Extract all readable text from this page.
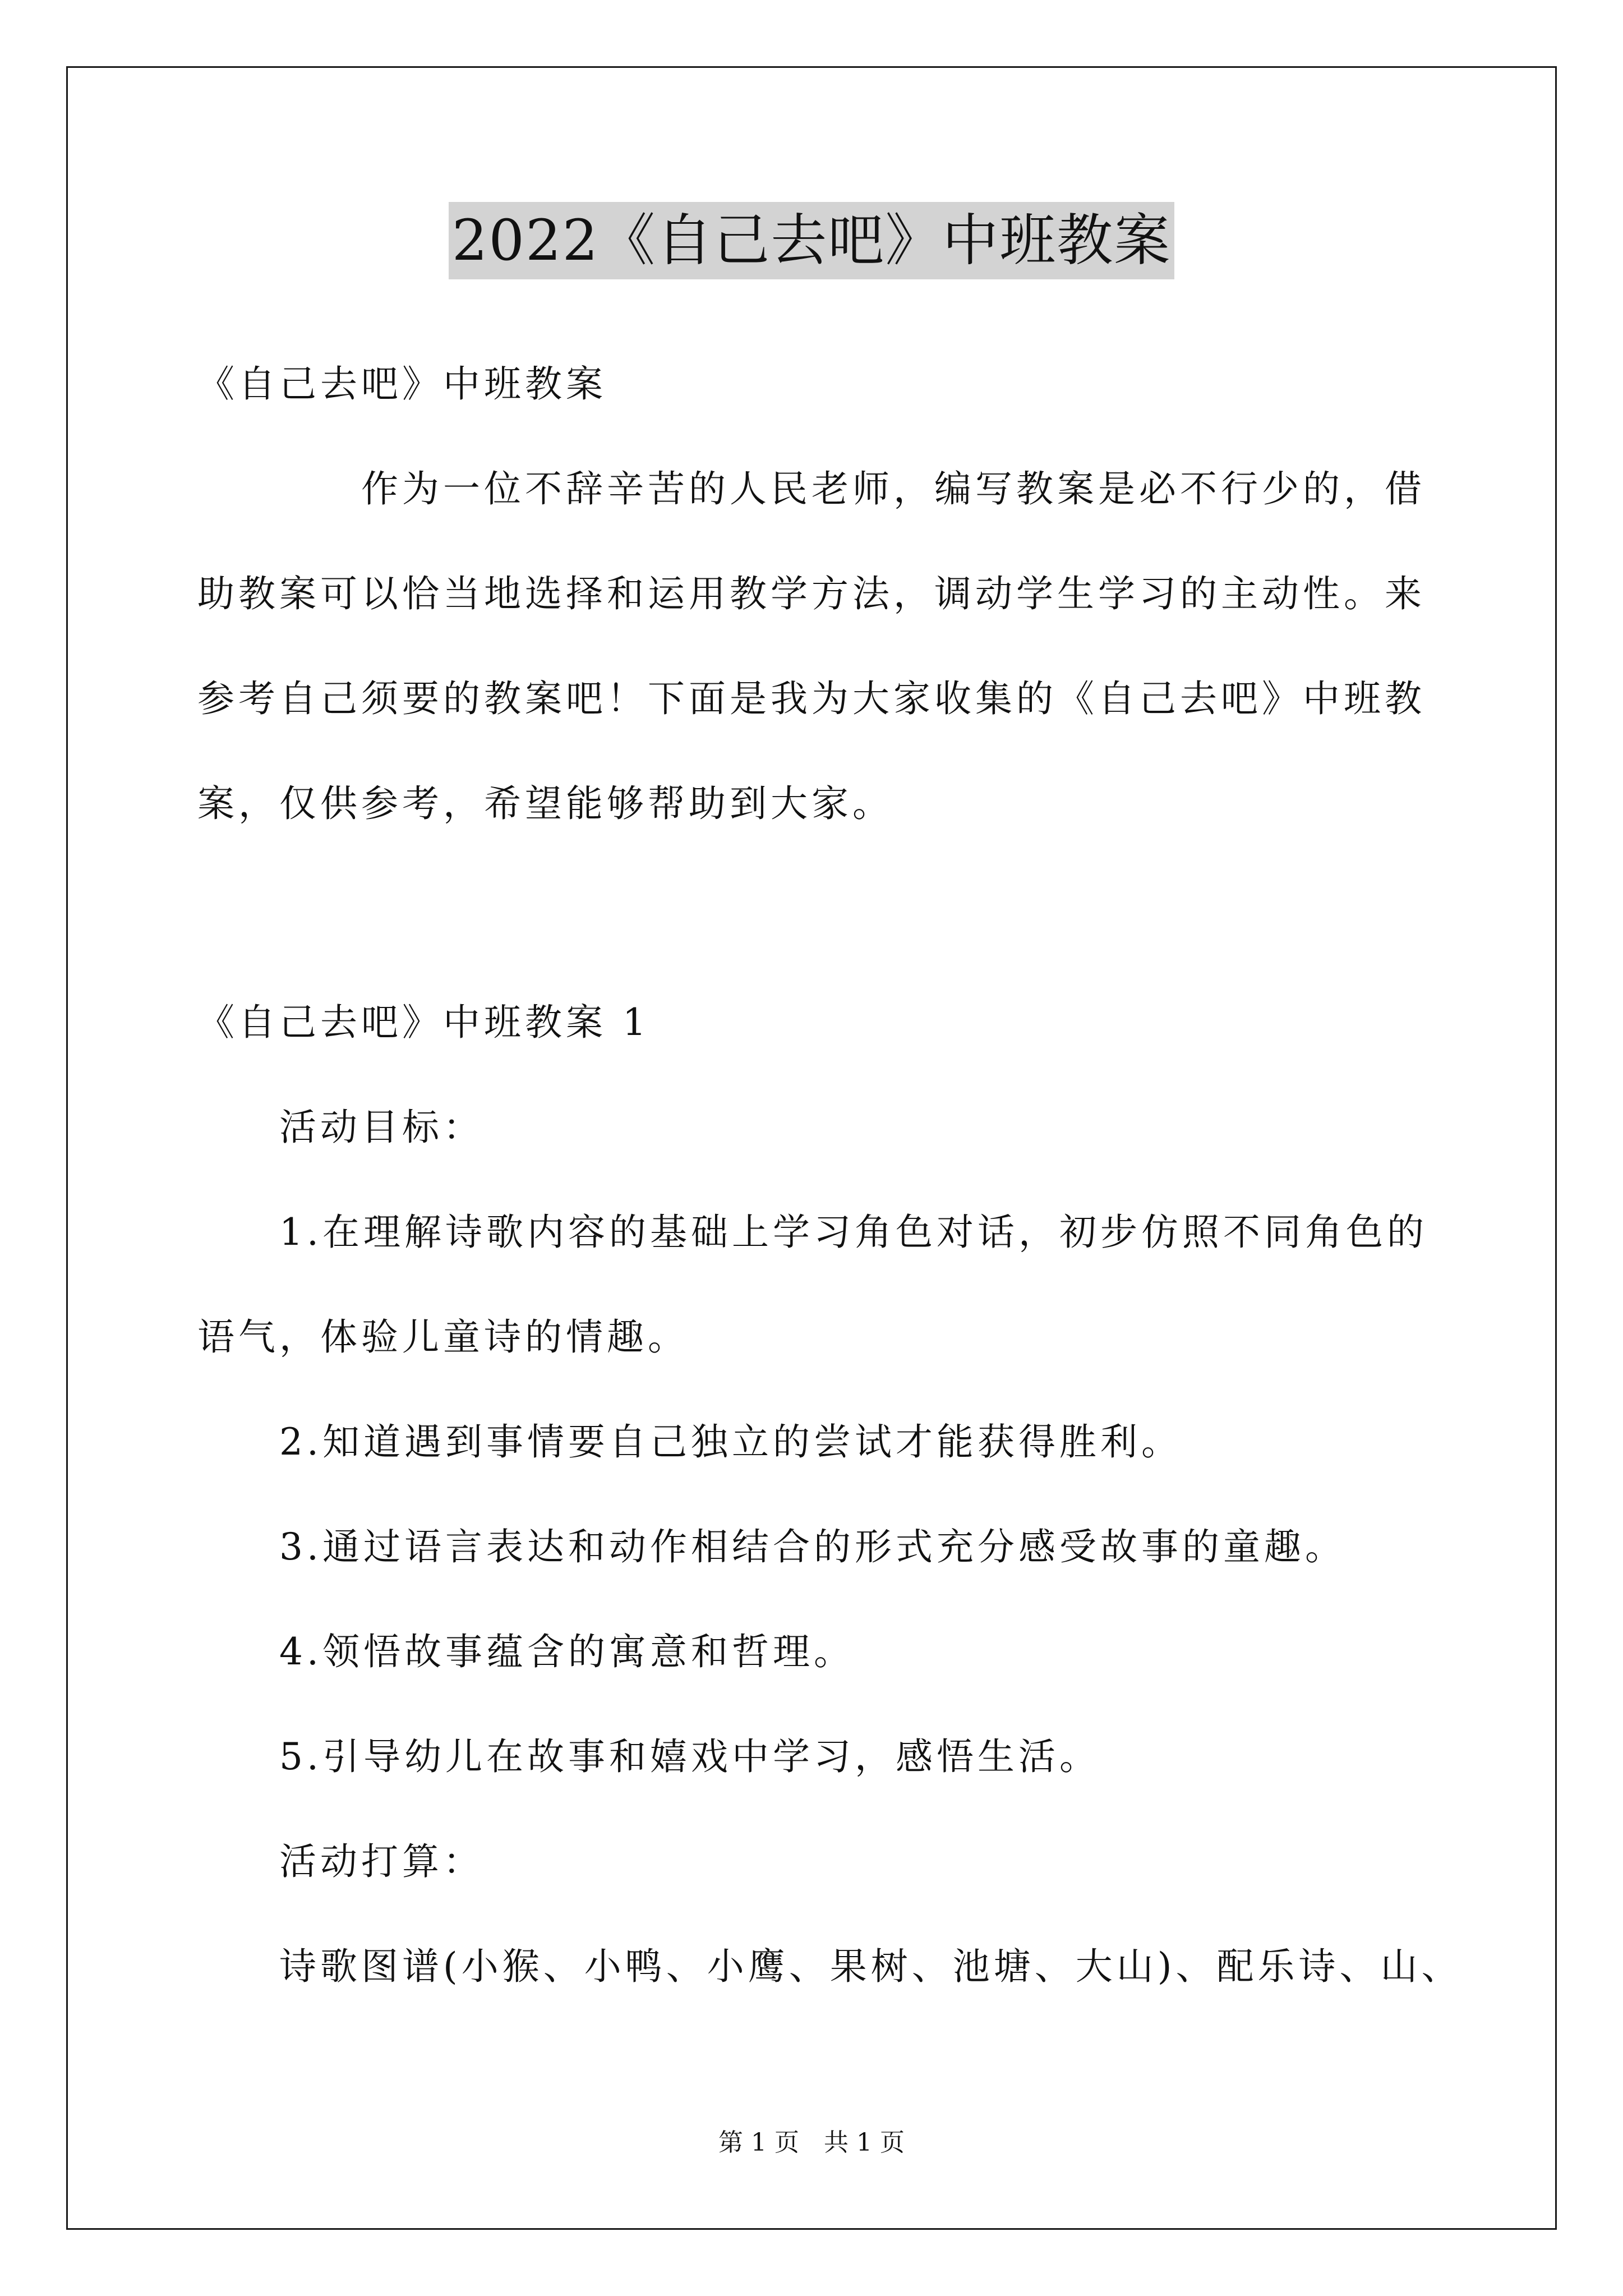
2022《自己去吧》中班教案
《自己去吧》中班教案
　　　　作为一位不辞辛苦的人民老师，编写教案是必不行少的，借
助教案可以恰当地选择和运用教学方法，调动学生学习的主动性。来
参考自己须要的教案吧！下面是我为大家收集的《自己去吧》中班教
案，仅供参考，希望能够帮助到大家。
《自己去吧》中班教案 1
　　活动目标：
　　1.在理解诗歌内容的基础上学习角色对话，初步仿照不同角色的
语气，体验儿童诗的情趣。
　　2.知道遇到事情要自己独立的尝试才能获得胜利。
　　3.通过语言表达和动作相结合的形式充分感受故事的童趣。
　　4.领悟故事蕴含的寓意和哲理。
　　5.引导幼儿在故事和嬉戏中学习，感悟生活。
　　活动打算：
　　诗歌图谱(小猴、小鸭、小鹰、果树、池塘、大山)、配乐诗、山、
第 1 页　共 1 页
